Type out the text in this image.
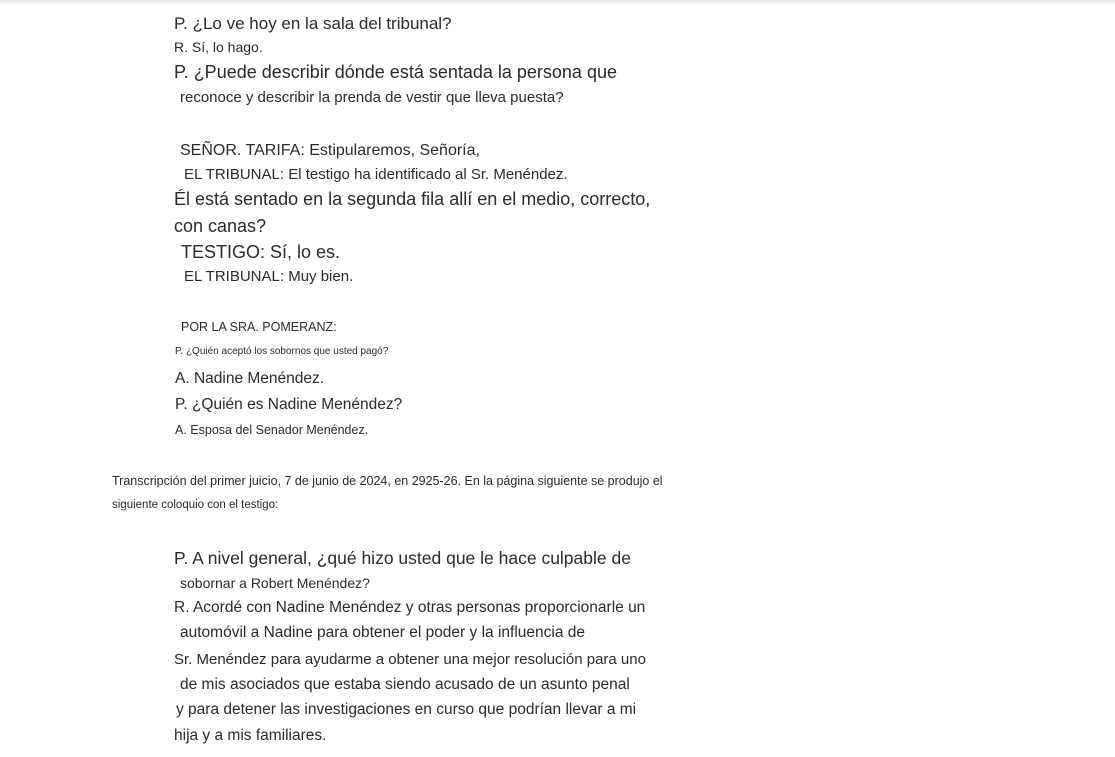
P. ¿Lo ve hoy en la sala del tribunal?
R. Sí, lo hago.
P. ¿Puede describir dónde está sentada la persona que
reconoce y describir la prenda de vestir que lleva puesta?
SEÑOR. TARIFA: Estipularemos, Señoría,
EL TRIBUNAL: El testigo ha identificado al Sr. Menéndez.
Él está sentado en la segunda fila allí en el medio, correcto,
con canas?
TESTIGO: Sí, lo es.
EL TRIBUNAL: Muy bien.
POR LA SRA. POMERANZ:
P. ¿Quién aceptó los sobornos que usted pagó?
A. Nadine Menéndez.
P. ¿Quién es Nadine Menéndez?
A. Esposa del Senador Menéndez.
Transcripción del primer juicio, 7 de junio de 2024, en 2925-26. En la página siguiente se produjo el
siguiente coloquio con el testigo:
P. A nivel general, ¿qué hizo usted que le hace culpable de
sobornar a Robert Menéndez?
R. Acordé con Nadine Menéndez y otras personas proporcionarle un
automóvil a Nadine para obtener el poder y la influencia de
Sr. Menéndez para ayudarme a obtener una mejor resolución para uno
de mis asociados que estaba siendo acusado de un asunto penal
y para detener las investigaciones en curso que podrían llevar a mi
hija y a mis familiares.
